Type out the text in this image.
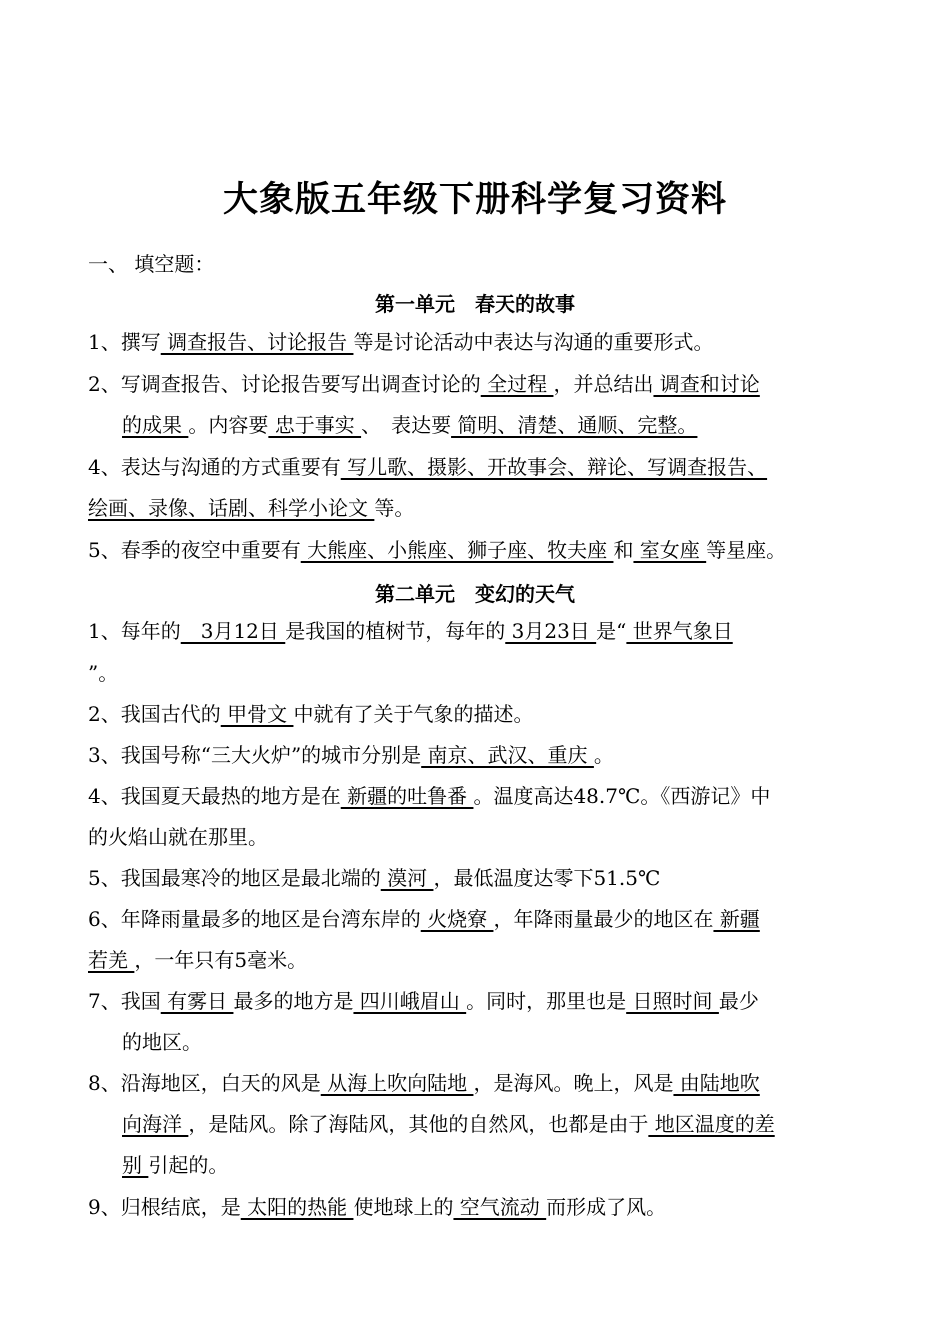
大象版五年级下册科学复习资料
一、 填空题：
第一单元　春天的故事
1、撰写 调查报告、讨论报告 等是讨论活动中表达与沟通的重要形式。
2、写调查报告、讨论报告要写出调查讨论的 全过程 ，并总结出 调查和讨论
的成果 。内容要 忠于事实 、　表达要 简明、清楚、通顺、完整。
4、表达与沟通的方式重要有 写儿歌、摄影、开故事会、辩论、写调查报告、
绘画、录像、话剧、科学小论文 等。
5、春季的夜空中重要有 大熊座、小熊座、狮子座、牧夫座 和 室女座 等星座。
第二单元　变幻的天气
1、每年的　3月12日 是我国的植树节，每年的 3月23日 是“ 世界气象日
”。
2、我国古代的 甲骨文 中就有了关于气象的描述。
3、我国号称“三大火炉”的城市分别是 南京、武汉、重庆 。
4、我国夏天最热的地方是在 新疆的吐鲁番 。温度高达48.7℃。《西游记》中
的火焰山就在那里。
5、我国最寒冷的地区是最北端的 漠河 ，最低温度达零下51.5℃
6、年降雨量最多的地区是台湾东岸的 火烧寮 ，年降雨量最少的地区在 新疆
若羌 ，一年只有5毫米。
7、我国 有雾日 最多的地方是 四川峨眉山 。同时，那里也是 日照时间 最少
的地区。
8、沿海地区，白天的风是 从海上吹向陆地 ，是海风。晚上，风是 由陆地吹
向海洋 ，是陆风。除了海陆风，其他的自然风，也都是由于 地区温度的差
别 引起的。
9、归根结底，是 太阳的热能 使地球上的 空气流动 而形成了风。
